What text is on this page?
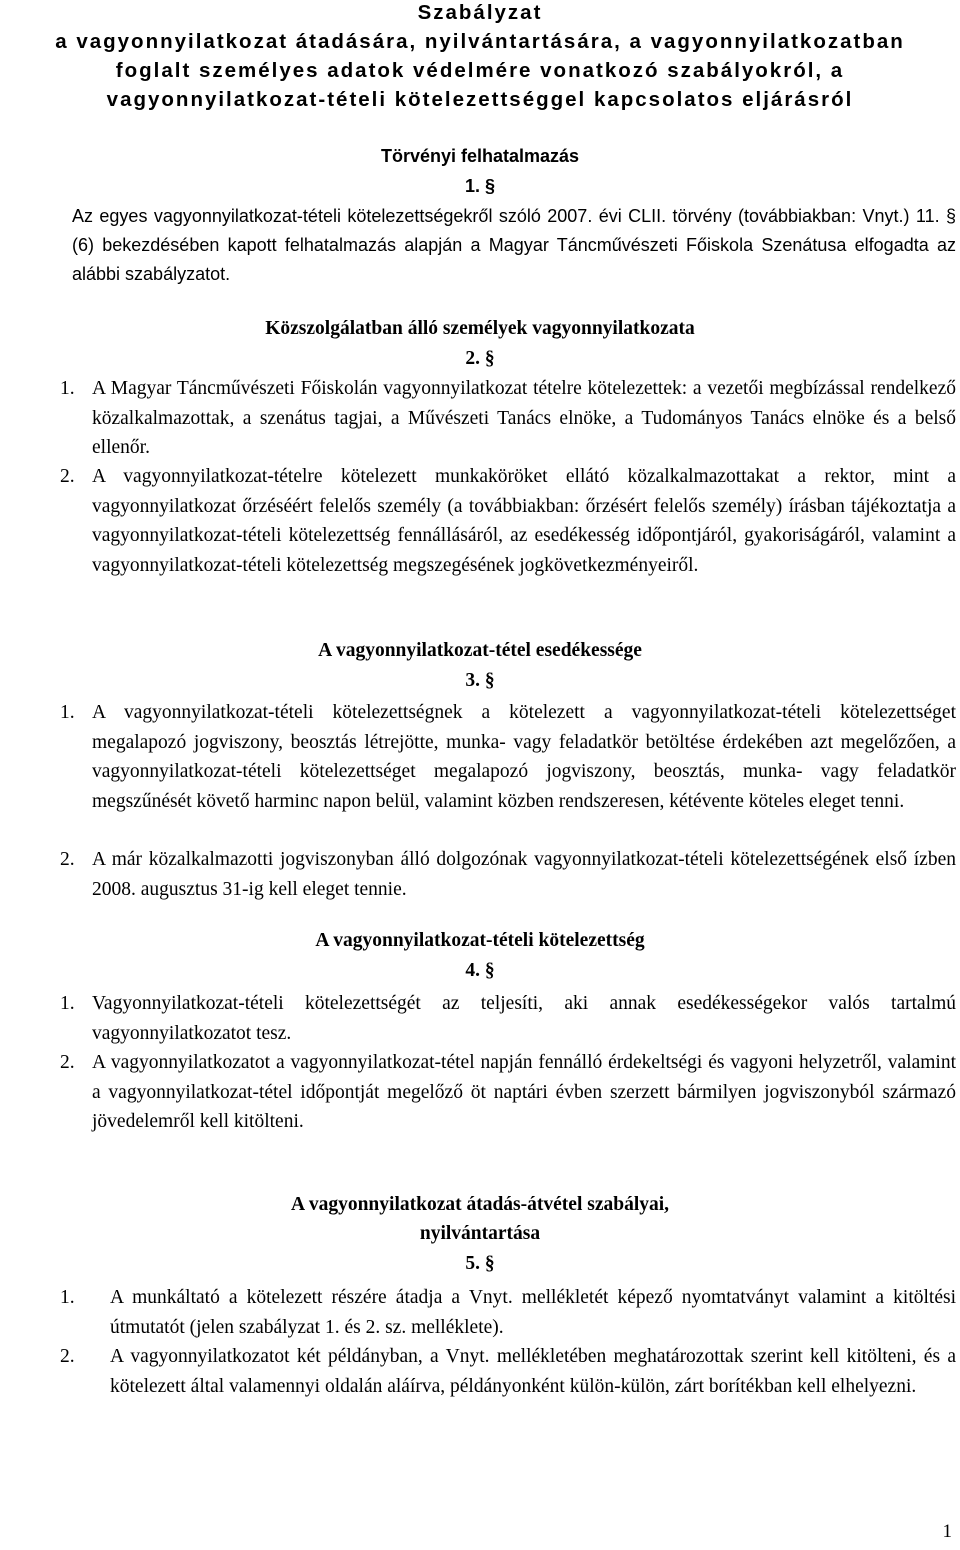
Szabályzat
a vagyonnyilatkozat átadására, nyilvántartására, a vagyonnyilatkozatban
foglalt személyes adatok védelmére vonatkozó szabályokról, a
vagyonnyilatkozat-tételi kötelezettséggel kapcsolatos eljárásról
Törvényi felhatalmazás
1. §
Az egyes vagyonnyilatkozat-tételi kötelezettségekről szóló 2007. évi CLII. törvény (továbbiakban: Vnyt.) 11. § (6) bekezdésében kapott felhatalmazás alapján a Magyar Táncművészeti Főiskola Szenátusa elfogadta az alábbi szabályzatot.
Közszolgálatban álló személyek vagyonnyilatkozata
2. §
1. A Magyar Táncművészeti Főiskolán vagyonnyilatkozat tételre kötelezettek: a vezetői megbízással rendelkező közalkalmazottak, a szenátus tagjai, a Művészeti Tanács elnöke, a Tudományos Tanács elnöke és a belső ellenőr.
2. A vagyonnyilatkozat-tételre kötelezett munkaköröket ellátó közalkalmazottakat a rektor, mint a vagyonnyilatkozat őrzéséért felelős személy (a továbbiakban: őrzésért felelős személy) írásban tájékoztatja a vagyonnyilatkozat-tételi kötelezettség fennállásáról, az esedékesség időpontjáról, gyakoriságáról, valamint a vagyonnyilatkozat-tételi kötelezettség megszegésének jogkövetkezményeiről.
A vagyonnyilatkozat-tétel esedékessége
3. §
1. A vagyonnyilatkozat-tételi kötelezettségnek a kötelezett a vagyonnyilatkozat-tételi kötelezettséget megalapozó jogviszony, beosztás létrejötte, munka- vagy feladatkör betöltése érdekében azt megelőzően, a vagyonnyilatkozat-tételi kötelezettséget megalapozó jogviszony, beosztás, munka- vagy feladatkör megszűnését követő harminc napon belül, valamint közben rendszeresen, kétévente köteles eleget tenni.
2. A már közalkalmazotti jogviszonyban álló dolgozónak vagyonnyilatkozat-tételi kötelezettségének első ízben 2008. augusztus 31-ig kell eleget tennie.
A vagyonnyilatkozat-tételi kötelezettség
4. §
1. Vagyonnyilatkozat-tételi kötelezettségét az teljesíti, aki annak esedékességekor valós tartalmú vagyonnyilatkozatot tesz.
2. A vagyonnyilatkozatot a vagyonnyilatkozat-tétel napján fennálló érdekeltségi és vagyoni helyzetről, valamint a vagyonnyilatkozat-tétel időpontját megelőző öt naptári évben szerzett bármilyen jogviszonyból származó jövedelemről kell kitölteni.
A vagyonnyilatkozat átadás-átvétel szabályai,
nyilvántartása
5. §
1. A munkáltató a kötelezett részére átadja a Vnyt. mellékletét képező nyomtatványt valamint a kitöltési útmutatót (jelen szabályzat 1. és 2. sz. melléklete).
2. A vagyonnyilatkozatot két példányban, a Vnyt. mellékletében meghatározottak szerint kell kitölteni, és a kötelezett által valamennyi oldalán aláírva, példányonként külön-külön, zárt borítékban kell elhelyezni.
1
